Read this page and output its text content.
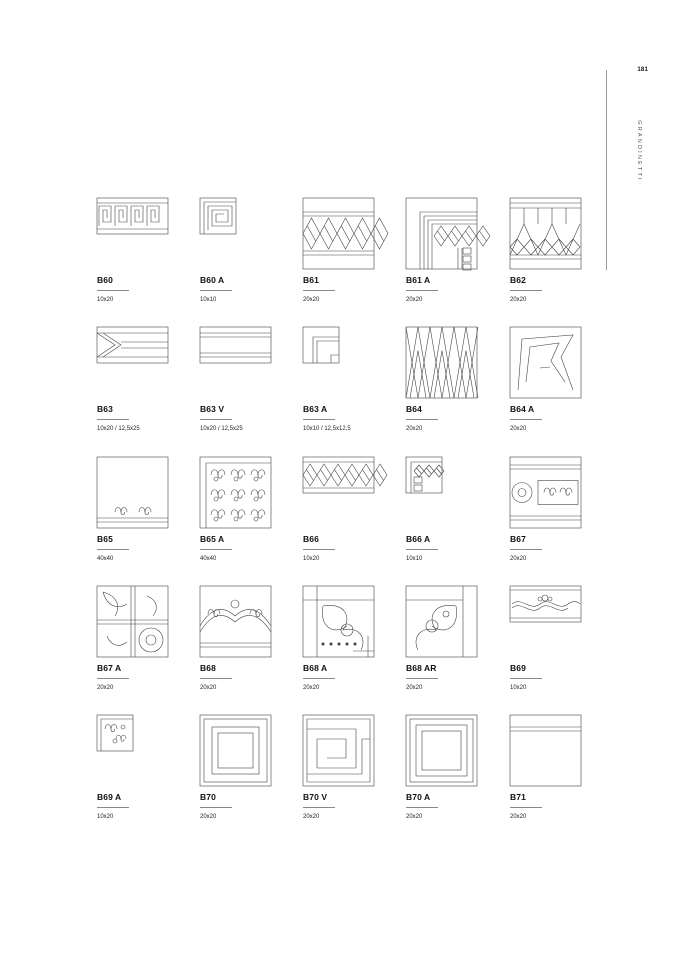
181
GRANDINETTI
B60
10x20
B60 A
10x10
B61
20x20
B61 A
20x20
B62
20x20
B63
10x20 / 12,5x25
B63 V
10x20 / 12,5x25
B63 A
10x10 / 12,5x12,5
B64
20x20
B64 A
20x20
B65
40x40
B65 A
40x40
B66
10x20
B66 A
10x10
B67
20x20
B67 A
20x20
B68
20x20
B68 A
20x20
B68 AR
20x20
B69
10x20
B69 A
10x20
B70
20x20
B70 V
20x20
B70 A
20x20
B71
20x20
